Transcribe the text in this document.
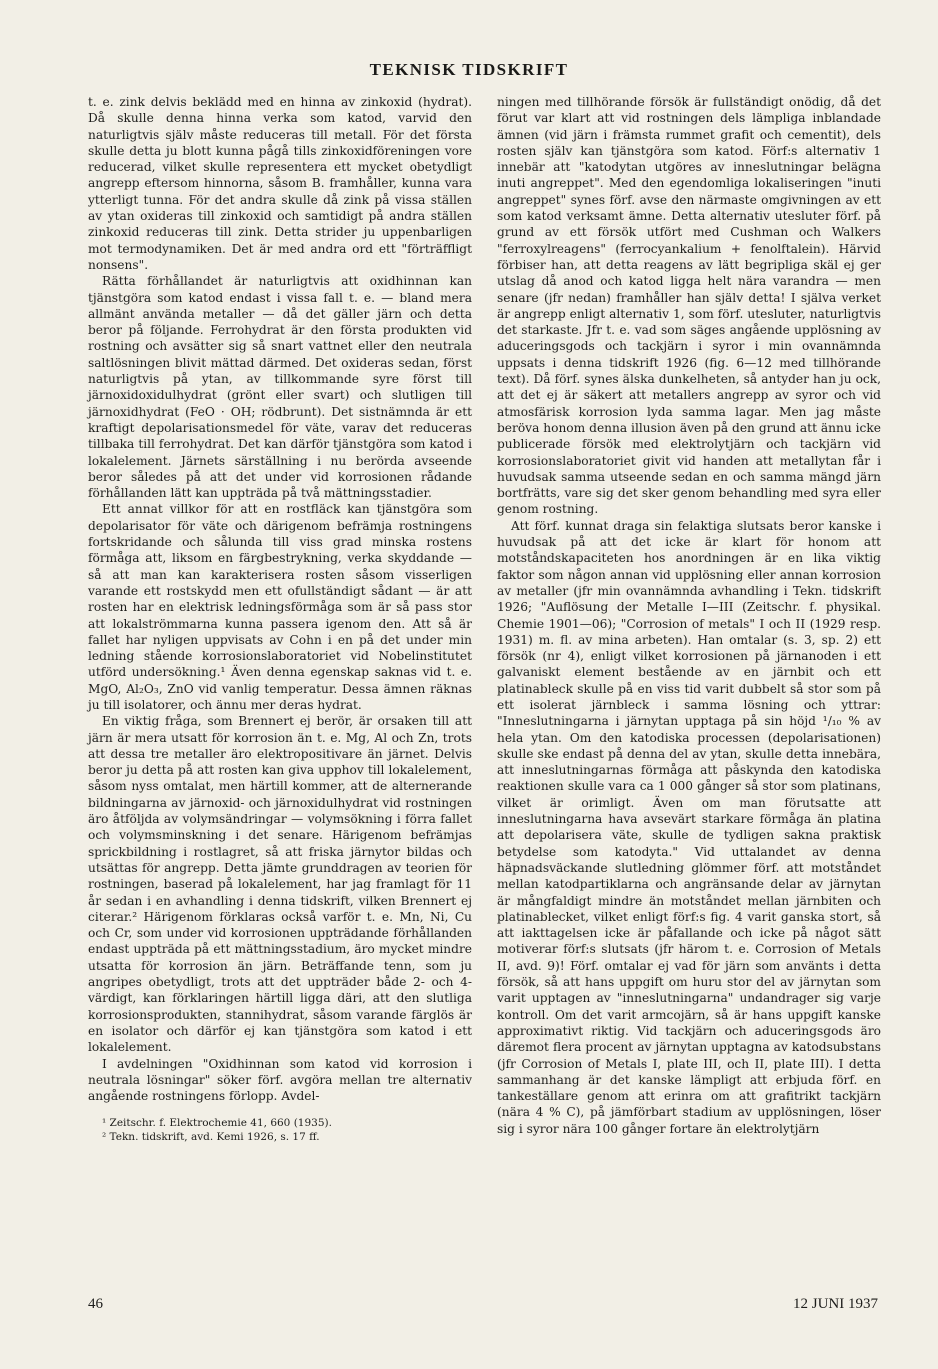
TEKNISK TIDSKRIFT

t. e. zink delvis beklädd med en hinna av zinkoxid (hydrat). Då skulle denna hinna verka som katod, varvid den naturligtvis själv måste reduceras till metall. För det första skulle detta ju blott kunna pågå tills zinkoxidföreningen vore reducerad, vilket skulle representera ett mycket obetydligt angrepp eftersom hinnorna, såsom B. framhåller, kunna vara ytterligt tunna. För det andra skulle då zink på vissa ställen av ytan oxideras till zinkoxid och samtidigt på andra ställen zinkoxid reduceras till zink. Detta strider ju uppenbarligen mot termodynamiken. Det är med andra ord ett "förträffligt nonsens".

Rätta förhållandet är naturligtvis att oxidhinnan kan tjänstgöra som katod endast i vissa fall t. e. — bland mera allmänt använda metaller — då det gäller järn och detta beror på följande. Ferrohydrat är den första produkten vid rostning och avsätter sig så snart vattnet eller den neutrala saltlösningen blivit mättad därmed. Det oxideras sedan, först naturligtvis på ytan, av tillkommande syre först till järnoxidoxidulhydrat (grönt eller svart) och slutligen till järnoxidhydrat (FeO · OH; rödbrunt). Det sistnämnda är ett kraftigt depolarisationsmedel för väte, varav det reduceras tillbaka till ferrohydrat. Det kan därför tjänstgöra som katod i lokalelement. Järnets särställning i nu berörda avseende beror således på att det under vid korrosionen rådande förhållanden lätt kan uppträda på två mättningsstadier.

Ett annat villkor för att en rostfläck kan tjänstgöra som depolarisator för väte och därigenom befrämja rostningens fortskridande och sålunda till viss grad minska rostens förmåga att, liksom en färgbestrykning, verka skyddande — så att man kan karakterisera rosten såsom visserligen varande ett rostskydd men ett ofullständigt sådant — är att rosten har en elektrisk ledningsförmåga som är så pass stor att lokalströmmarna kunna passera igenom den. Att så är fallet har nyligen uppvisats av Cohn i en på det under min ledning stående korrosionslaboratoriet vid Nobelinstitutet utförd undersökning.¹ Även denna egenskap saknas vid t. e. MgO, Al₂O₃, ZnO vid vanlig temperatur. Dessa ämnen räknas ju till isolatorer, och ännu mer deras hydrat.

En viktig fråga, som Brennert ej berör, är orsaken till att järn är mera utsatt för korrosion än t. e. Mg, Al och Zn, trots att dessa tre metaller äro elektropositivare än järnet. Delvis beror ju detta på att rosten kan giva upphov till lokalelement, såsom nyss omtalat, men härtill kommer, att de alternerande bildningarna av järnoxid- och järnoxidulhydrat vid rostningen äro åtföljda av volymsändringar — volymsökning i förra fallet och volymsminskning i det senare. Härigenom befrämjas sprickbildning i rostlagret, så att friska järnytor bildas och utsättas för angrepp. Detta jämte grunddragen av teorien för rostningen, baserad på lokalelement, har jag framlagt för 11 år sedan i en avhandling i denna tidskrift, vilken Brennert ej citerar.² Härigenom förklaras också varför t. e. Mn, Ni, Cu och Cr, som under vid korrosionen uppträdande förhållanden endast uppträda på ett mättningsstadium, äro mycket mindre utsatta för korrosion än järn. Beträffande tenn, som ju angripes obetydligt, trots att det uppträder både 2- och 4-värdigt, kan förklaringen härtill ligga däri, att den slutliga korrosionsprodukten, stannihydrat, såsom varande färglös är en isolator och därför ej kan tjänstgöra som katod i ett lokalelement.

I avdelningen "Oxidhinnan som katod vid korrosion i neutrala lösningar" söker förf. avgöra mellan tre alternativ angående rostningens förlopp. Avdel-

¹ Zeitschr. f. Elektrochemie 41, 660 (1935).
² Tekn. tidskrift, avd. Kemi 1926, s. 17 ff.

ningen med tillhörande försök är fullständigt onödig, då det förut var klart att vid rostningen dels lämpliga inblandade ämnen (vid järn i främsta rummet grafit och cementit), dels rosten själv kan tjänstgöra som katod. Förf:s alternativ 1 innebär att "katodytan utgöres av inneslutningar belägna inuti angreppet". Med den egendomliga lokaliseringen "inuti angreppet" synes förf. avse den närmaste omgivningen av ett som katod verksamt ämne. Detta alternativ utesluter förf. på grund av ett försök utfört med Cushman och Walkers "ferroxylreagens" (ferrocyankalium + fenolftalein). Härvid förbiser han, att detta reagens av lätt begripliga skäl ej ger utslag då anod och katod ligga helt nära varandra — men senare (jfr nedan) framhåller han själv detta! I själva verket är angrepp enligt alternativ 1, som förf. utesluter, naturligtvis det starkaste. Jfr t. e. vad som säges angående upplösning av aduceringsgods och tackjärn i syror i min ovannämnda uppsats i denna tidskrift 1926 (fig. 6—12 med tillhörande text). Då förf. synes älska dunkelheten, så antyder han ju ock, att det ej är säkert att metallers angrepp av syror och vid atmosfärisk korrosion lyda samma lagar. Men jag måste beröva honom denna illusion även på den grund att ännu icke publicerade försök med elektrolytjärn och tackjärn vid korrosionslaboratoriet givit vid handen att metallytan får i huvudsak samma utseende sedan en och samma mängd järn bortfrätts, vare sig det sker genom behandling med syra eller genom rostning.

Att förf. kunnat draga sin felaktiga slutsats beror kanske i huvudsak på att det icke är klart för honom att motståndskapaciteten hos anordningen är en lika viktig faktor som någon annan vid upplösning eller annan korrosion av metaller (jfr min ovannämnda avhandling i Tekn. tidskrift 1926; "Auflösung der Metalle I—III (Zeitschr. f. physikal. Chemie 1901—06); "Corrosion of metals" I och II (1929 resp. 1931) m. fl. av mina arbeten). Han omtalar (s. 3, sp. 2) ett försök (nr 4), enligt vilket korrosionen på järnanoden i ett galvaniskt element bestående av en järnbit och ett platinableck skulle på en viss tid varit dubbelt så stor som på ett isolerat järnbleck i samma lösning och yttrar: "Inneslutningarna i järnytan upptaga på sin höjd ¹/₁₀ % av hela ytan. Om den katodiska processen (depolarisationen) skulle ske endast på denna del av ytan, skulle detta innebära, att inneslutningarnas förmåga att påskynda den katodiska reaktionen skulle vara ca 1 000 gånger så stor som platinans, vilket är orimligt. Även om man förutsatte att inneslutningarna hava avsevärt starkare förmåga än platina att depolarisera väte, skulle de tydligen sakna praktisk betydelse som katodyta." Vid uttalandet av denna häpnadsväckande slutledning glömmer förf. att motståndet mellan katodpartiklarna och angränsande delar av järnytan är mångfaldigt mindre än motståndet mellan järnbiten och platinablecket, vilket enligt förf:s fig. 4 varit ganska stort, så att iakttagelsen icke är påfallande och icke på något sätt motiverar förf:s slutsats (jfr härom t. e. Corrosion of Metals II, avd. 9)! Förf. omtalar ej vad för järn som använts i detta försök, så att hans uppgift om huru stor del av järnytan som varit upptagen av "inneslutningarna" undandrager sig varje kontroll. Om det varit armcojärn, så är hans uppgift kanske approximativt riktig. Vid tackjärn och aduceringsgods äro däremot flera procent av järnytan upptagna av katodsubstans (jfr Corrosion of Metals I, plate III, och II, plate III). I detta sammanhang är det kanske lämpligt att erbjuda förf. en tankeställare genom att erinra om att grafitrikt tackjärn (nära 4 % C), på jämförbart stadium av upplösningen, löser sig i syror nära 100 gånger fortare än elektrolytjärn

46	12 JUNI 1937
